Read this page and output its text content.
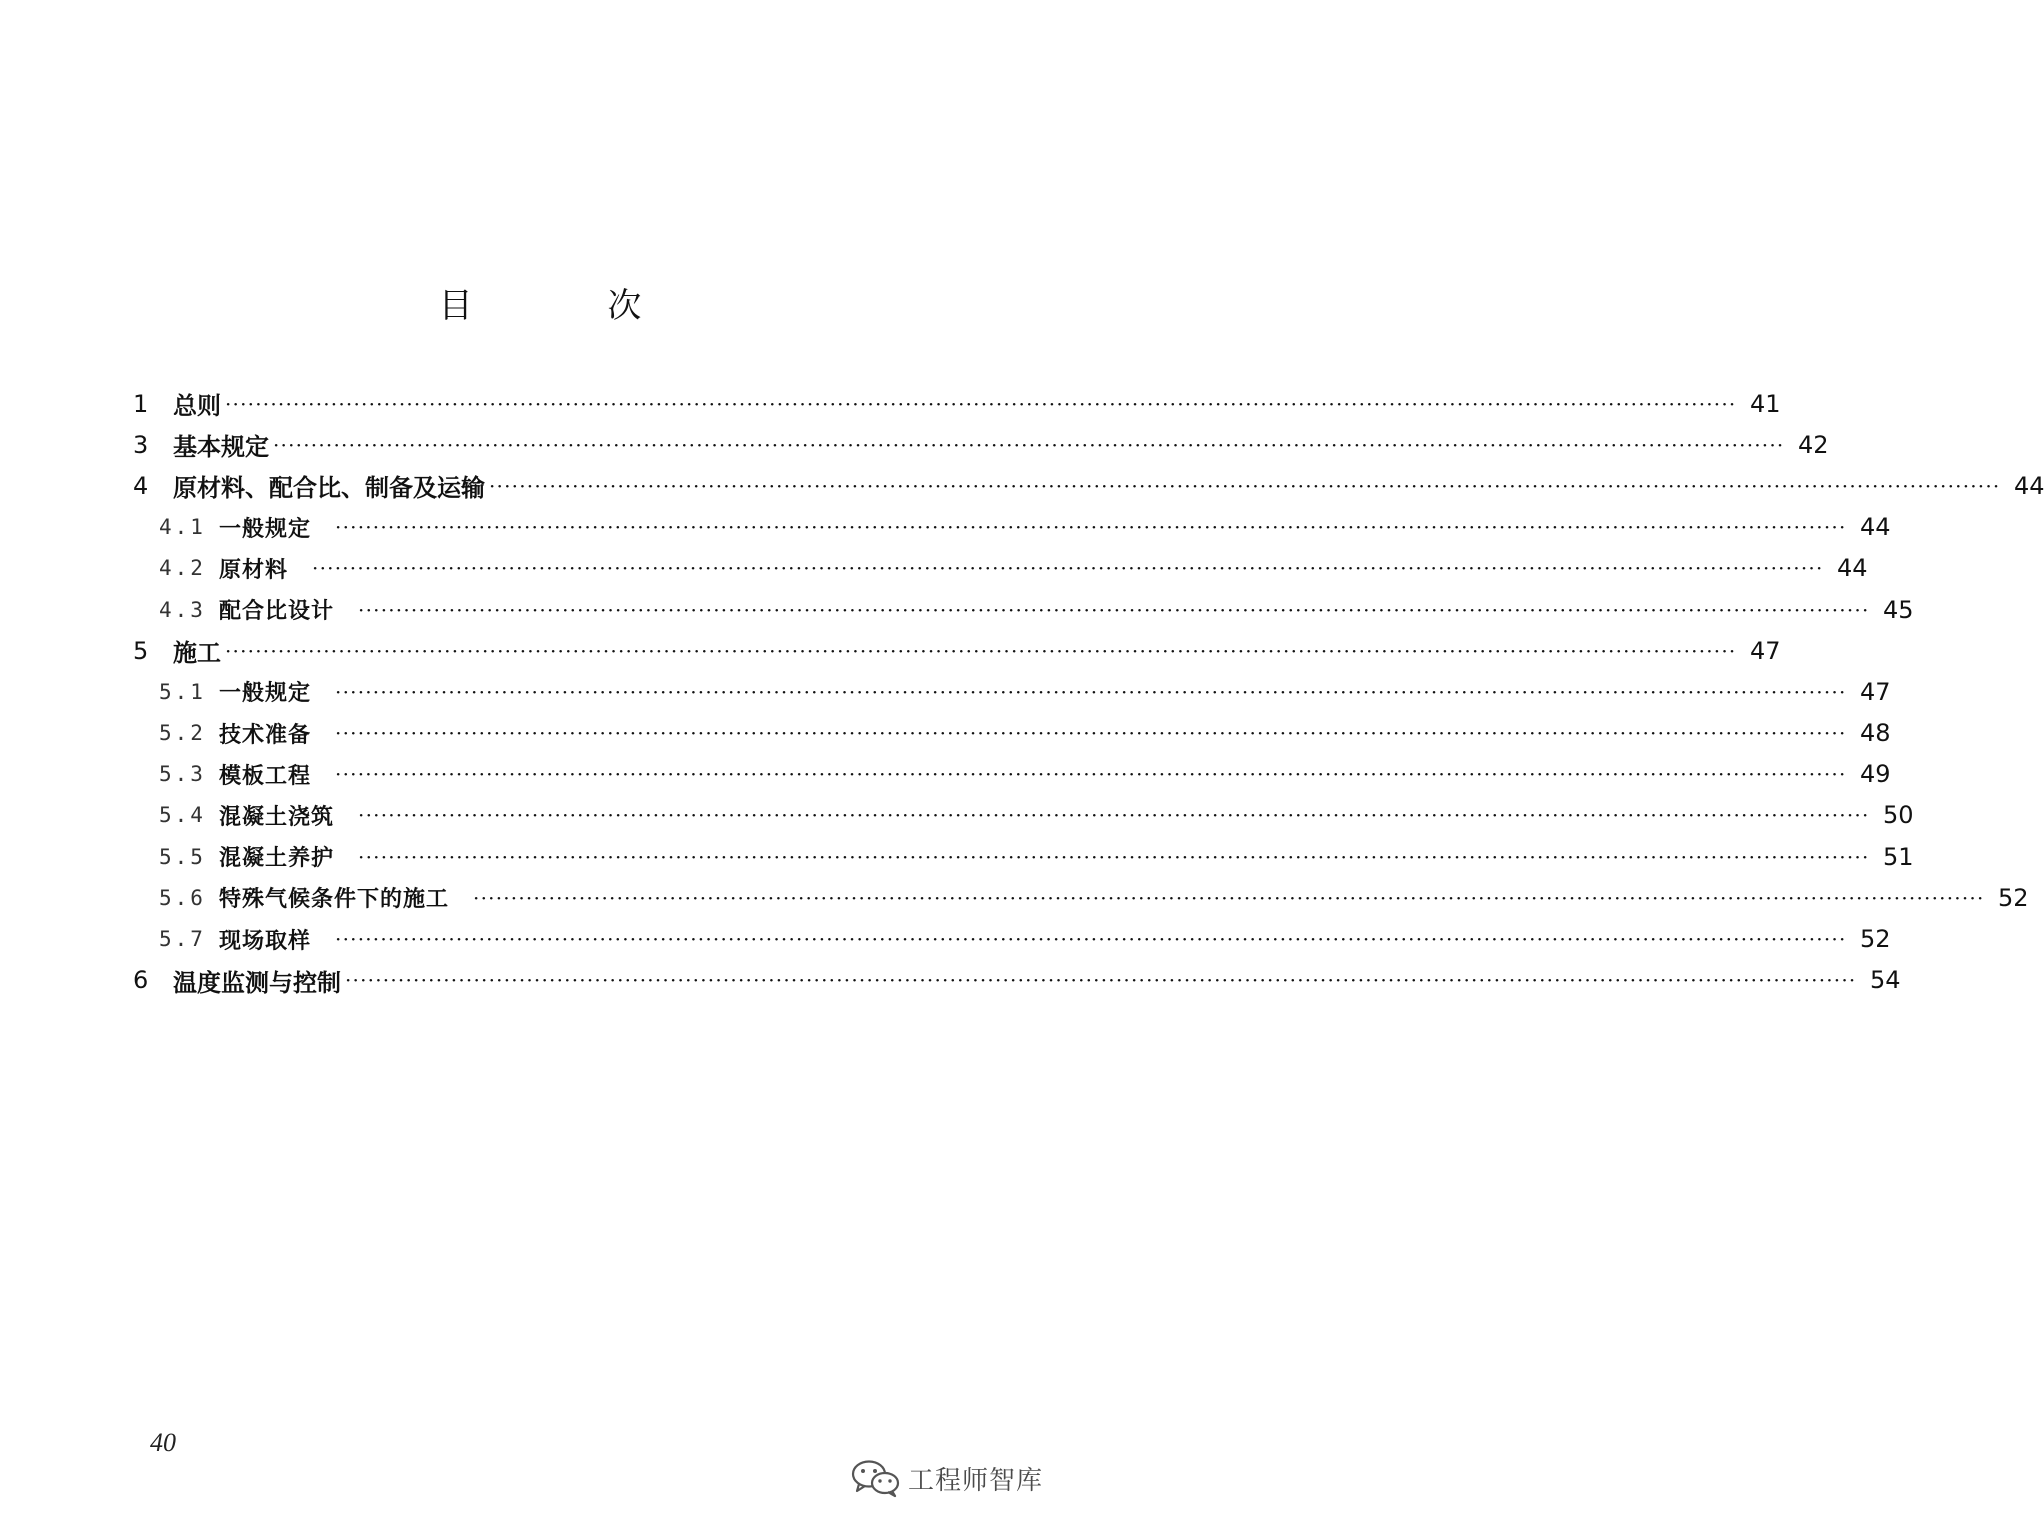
目 次
1	总则 ········································································································································································································ 41
3	基本规定 ········································································································································································································ 42
4	原材料、配合比、制备及运输 ········································································································································································································ 44
4.1 一般规定 ········································································································································································································ 44
4.2 原材料 ········································································································································································································ 44
4.3 配合比设计 ········································································································································································································ 45
5	施工 ········································································································································································································ 47
5.1 一般规定 ········································································································································································································ 47
5.2 技术准备 ········································································································································································································ 48
5.3 模板工程 ········································································································································································································ 49
5.4 混凝土浇筑 ········································································································································································································ 50
5.5 混凝土养护 ········································································································································································································ 51
5.6 特殊气候条件下的施工 ········································································································································································································ 52
5.7 现场取样 ········································································································································································································ 52
6	温度监测与控制 ········································································································································································································ 54
40
工程师智库
